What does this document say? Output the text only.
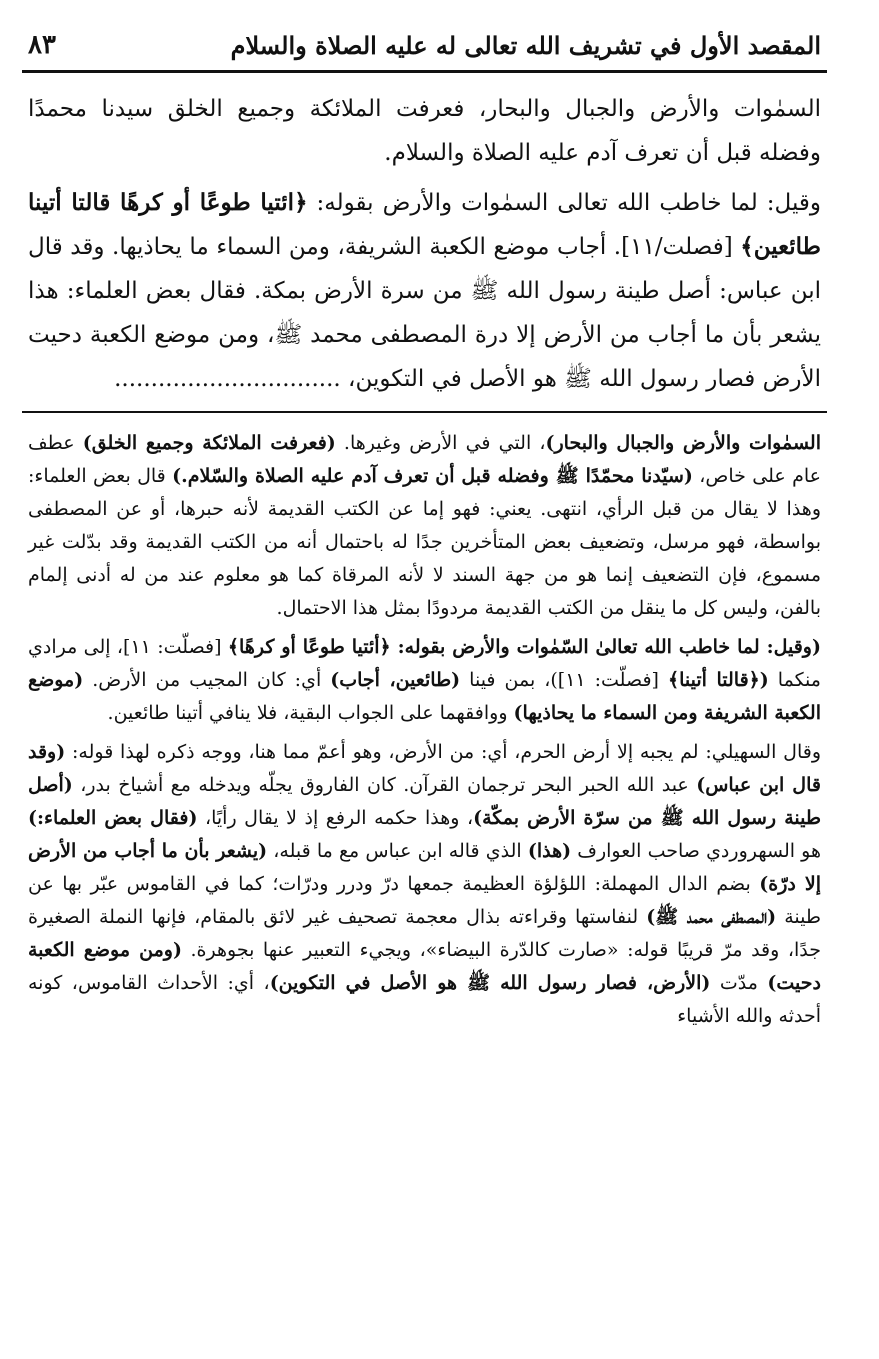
المقصد الأول في تشريف الله تعالى له عليه الصلاة والسلام
٨٣

السمٰوات والأرض والجبال والبحار، فعرفت الملائكة وجميع الخلق سيدنا محمدًا وفضله قبل أن تعرف آدم عليه الصلاة والسلام.

وقيل: لما خاطب الله تعالى السمٰوات والأرض بقوله: ﴿ائتيا طوعًا أو كرهًا قالتا أتينا طائعين﴾ [فصلت/١١]. أجاب موضع الكعبة الشريفة، ومن السماء ما يحاذيها. وقد قال ابن عباس: أصل طينة رسول الله ﷺ من سرة الأرض بمكة. فقال بعض العلماء: هذا يشعر بأن ما أجاب من الأرض إلا درة المصطفى محمد ﷺ، ومن موضع الكعبة دحيت الأرض فصار رسول الله ﷺ هو الأصل في التكوين، ...............................

السمٰوات والأرض والجبال والبحار)، التي في الأرض وغيرها. (فعرفت الملائكة وجميع الخلق) عطف عام على خاص، (سيّدنا محمّدًا ﷺ وفضله قبل أن تعرف آدم عليه الصلاة والسّلام.) قال بعض العلماء: وهذا لا يقال من قبل الرأي، انتهى. يعني: فهو إما عن الكتب القديمة لأنه حبرها، أو عن المصطفى بواسطة، فهو مرسل، وتضعيف بعض المتأخرين جدًا له باحتمال أنه من الكتب القديمة وقد بدّلت غير مسموع، فإن التضعيف إنما هو من جهة السند لا لأنه المرقاة كما هو معلوم عند من له أدنى إلمام بالفن، وليس كل ما ينقل من الكتب القديمة مردودًا بمثل هذا الاحتمال.

(وقيل: لما خاطب الله تعالىٰ السّمٰوات والأرض بقوله: ﴿أئتيا طوعًا أو كرهًا﴾ [فصلّت: ١١]، إلى مرادي منكما (﴿قالتا أتينا﴾ [فصلّت: ١١])، بمن فينا (طائعين، أجاب) أي: كان المجيب من الأرض. (موضع الكعبة الشريفة ومن السماء ما يحاذيها) ووافقهما على الجواب البقية، فلا ينافي أتينا طائعين.

وقال السهيلي: لم يجبه إلا أرض الحرم، أي: من الأرض، وهو أعمّ مما هنا، ووجه ذكره لهذا قوله: (وقد قال ابن عباس) عبد الله الحبر البحر ترجمان القرآن. كان الفاروق يجلّه ويدخله مع أشياخ بدر، (أصل طينة رسول الله ﷺ من سرّة الأرض بمكّة)، وهذا حكمه الرفع إذ لا يقال رأيًا، (فقال بعض العلماء:) هو السهروردي صاحب العوارف (هذا) الذي قاله ابن عباس مع ما قبله، (يشعر بأن ما أجاب من الأرض إلا درّة) بضم الدال المهملة: اللؤلؤة العظيمة جمعها درّ ودرر ودرّات؛ كما في القاموس عبّر بها عن طينة (المصطفى محمد ﷺ) لنفاستها وقراءته بذال معجمة تصحيف غير لائق بالمقام، فإنها النملة الصغيرة جدًا، وقد مرّ قريبًا قوله: «صارت كالدّرة البيضاء»، ويجيء التعبير عنها بجوهرة. (ومن موضع الكعبة دحيت) مدّت (الأرض، فصار رسول الله ﷺ هو الأصل في التكوين)، أي: الأحداث القاموس، كونه أحدثه والله الأشياء
